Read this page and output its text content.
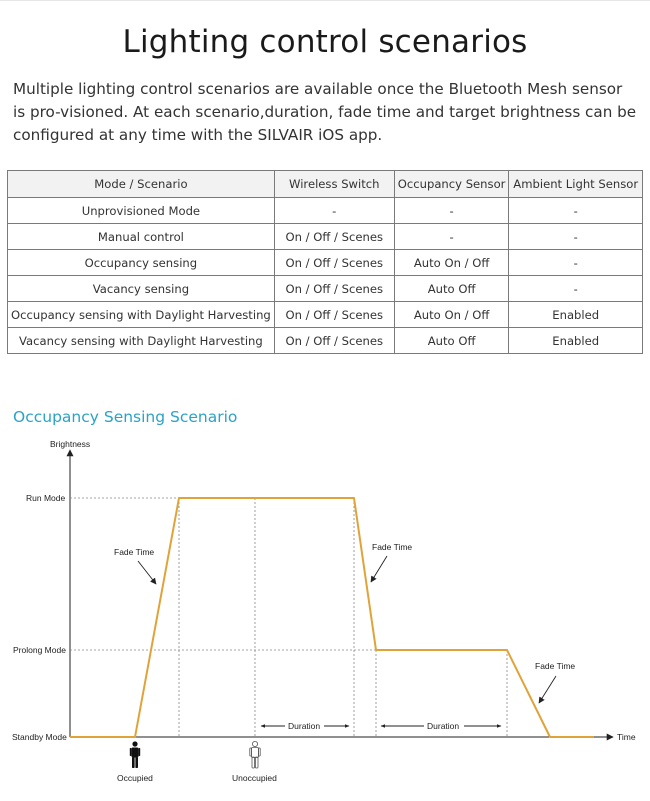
Lighting control scenarios

Multiple lighting control scenarios are available once the Bluetooth Mesh sensor is pro-visioned. At each scenario,duration, fade time and target brightness can be configured at any time with the SILVAIR iOS app.

Mode / Scenario	Wireless Switch	Occupancy Sensor	Ambient Light Sensor
Unprovisioned Mode	-	-	-
Manual control	On / Off / Scenes	-	-
Occupancy sensing	On / Off / Scenes	Auto On / Off	-
Vacancy sensing	On / Off / Scenes	Auto Off	-
Occupancy sensing with Daylight Harvesting	On / Off / Scenes	Auto On / Off	Enabled
Vacancy sensing with Daylight Harvesting	On / Off / Scenes	Auto Off	Enabled
Occupancy Sensing Scenario
Brightness
Run Mode
Prolong Mode
Standby Mode	Time
Fade Time	Fade Time
Fade Time
Duration	Duration
Occupied	Unoccupied
